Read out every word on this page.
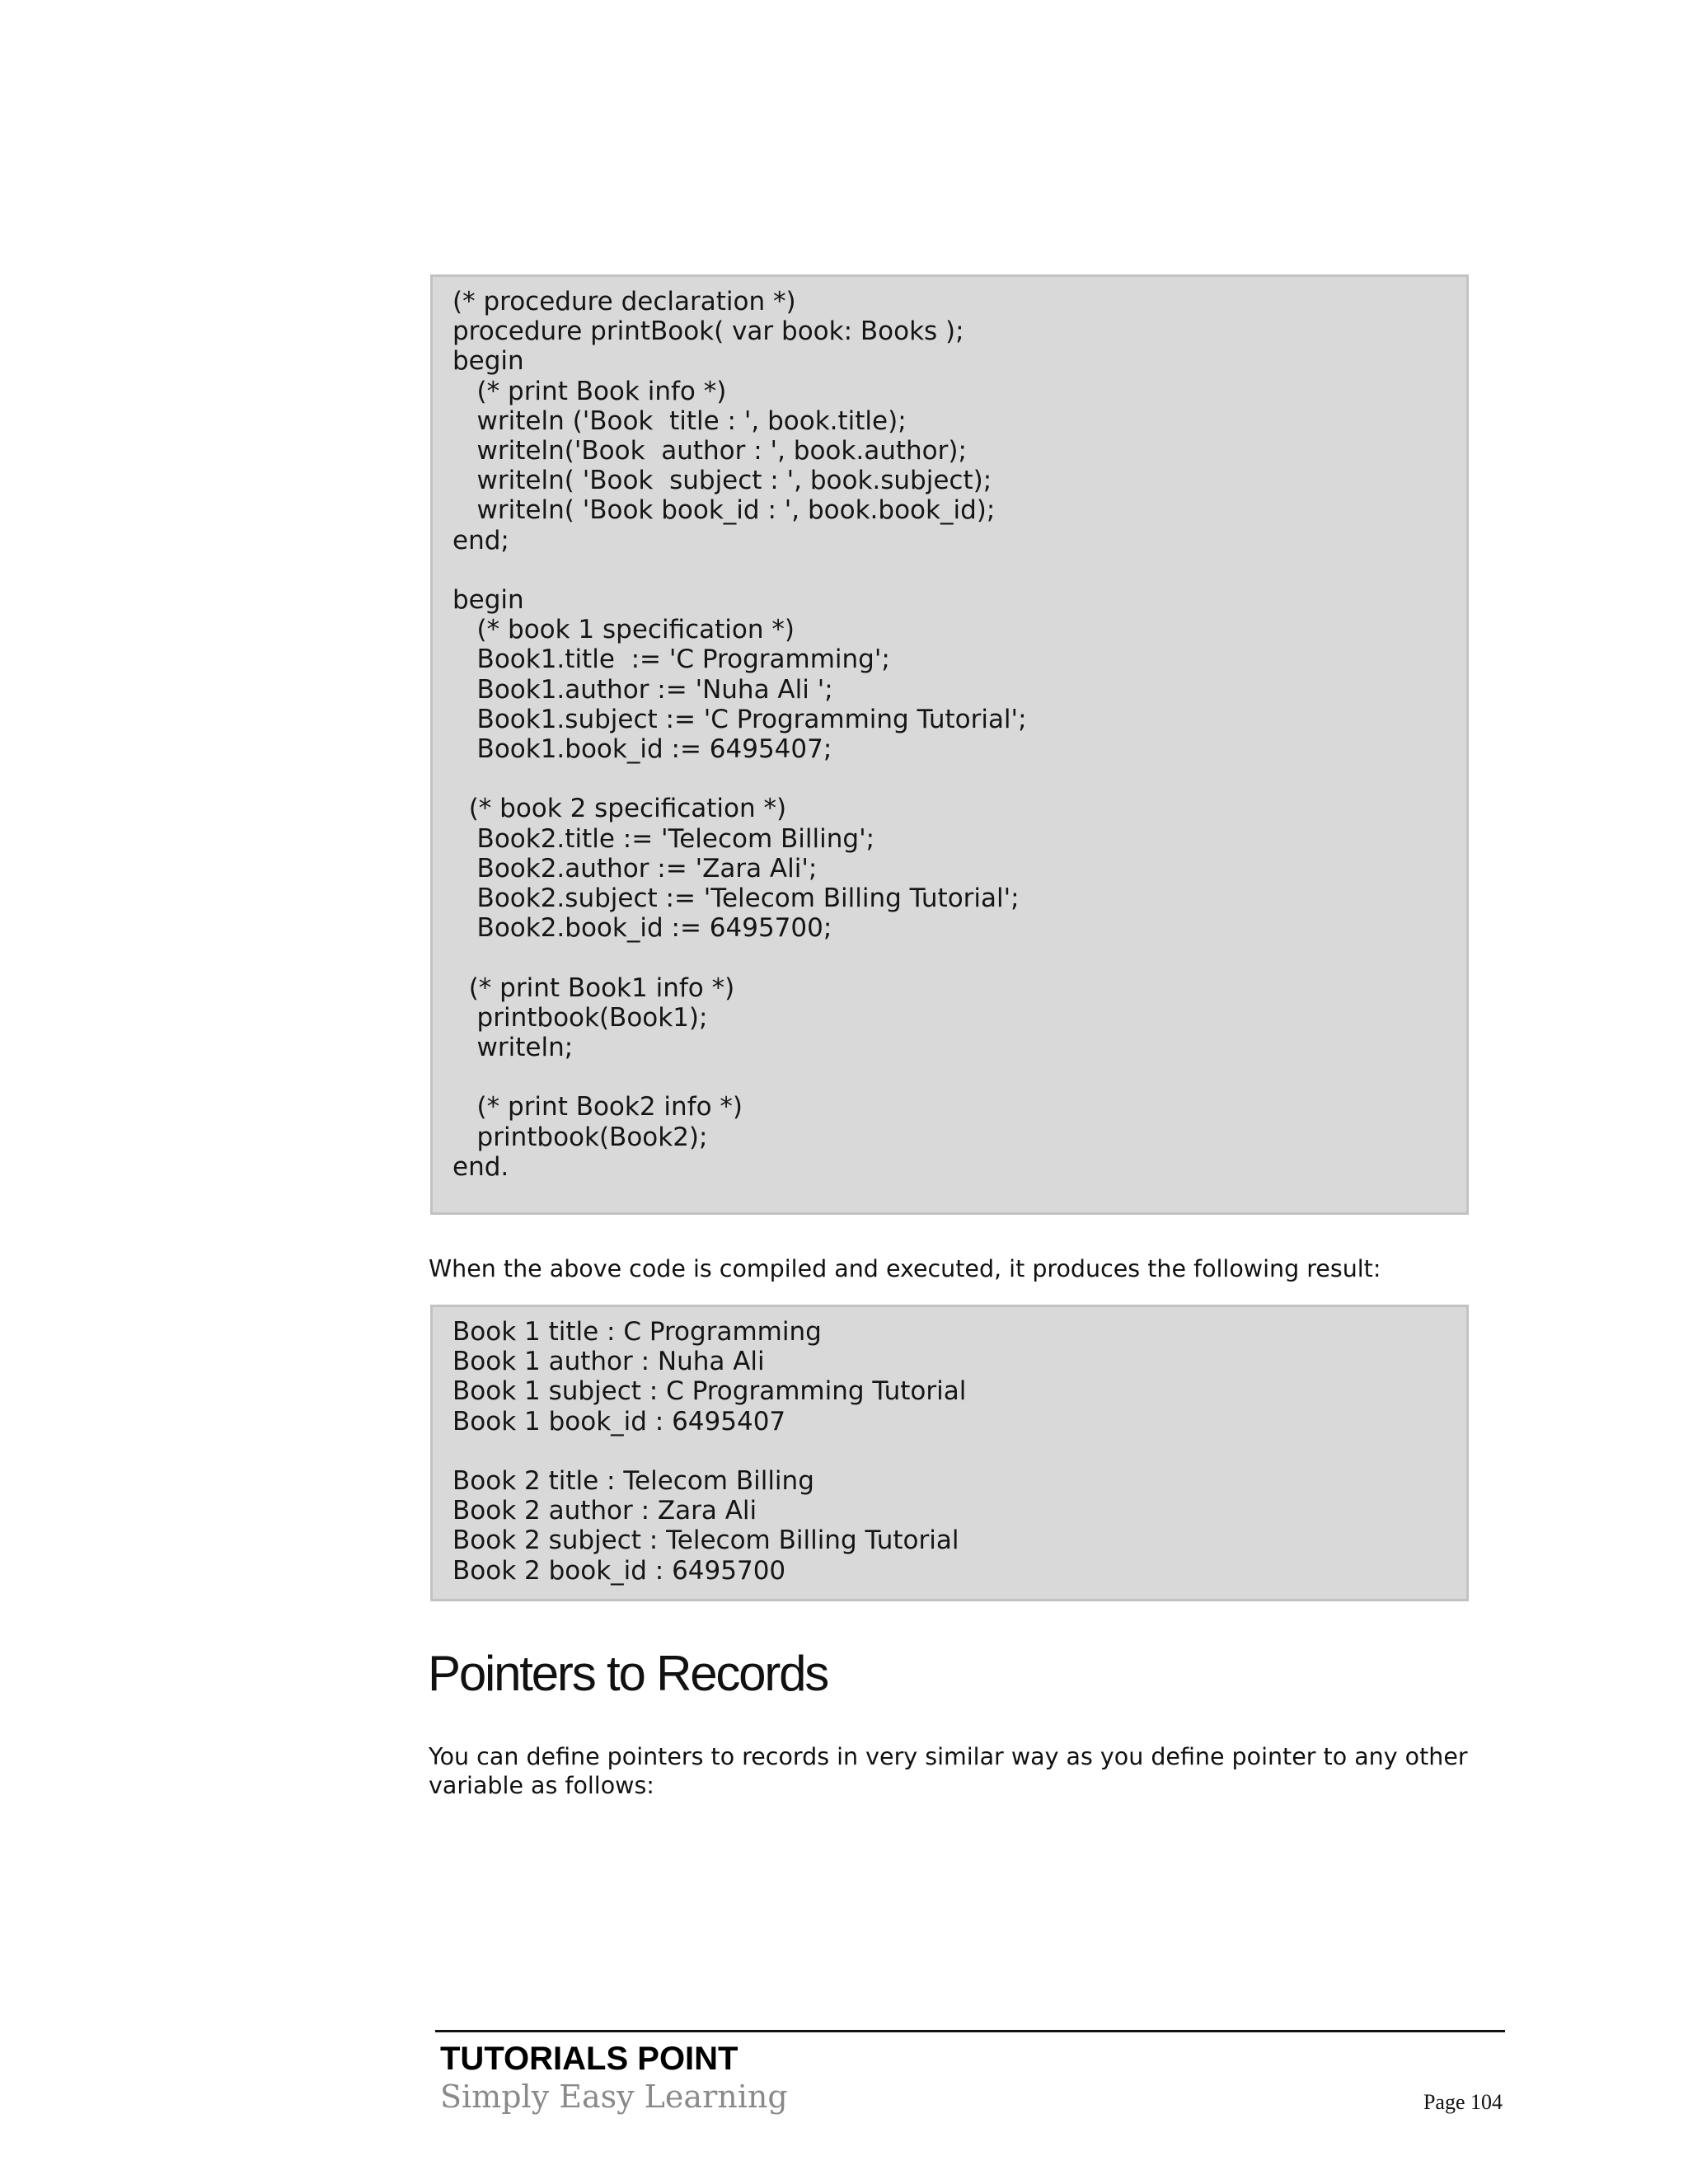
(* procedure declaration *)
procedure printBook( var book: Books );
begin
(* print Book info *)
writeln ('Book  title : ', book.title);
writeln('Book  author : ', book.author);
writeln( 'Book  subject : ', book.subject);
writeln( 'Book book_id : ', book.book_id);
end;

begin
(* book 1 specification *)
Book1.title  := 'C Programming';
Book1.author := 'Nuha Ali ';
Book1.subject := 'C Programming Tutorial';
Book1.book_id := 6495407;

(* book 2 specification *)
Book2.title := 'Telecom Billing';
Book2.author := 'Zara Ali';
Book2.subject := 'Telecom Billing Tutorial';
Book2.book_id := 6495700;

(* print Book1 info *)
printbook(Book1);
writeln;

(* print Book2 info *)
printbook(Book2);
end.

When the above code is compiled and executed, it produces the following result:

Book 1 title : C Programming
Book 1 author : Nuha Ali
Book 1 subject : C Programming Tutorial
Book 1 book_id : 6495407

Book 2 title : Telecom Billing
Book 2 author : Zara Ali
Book 2 subject : Telecom Billing Tutorial
Book 2 book_id : 6495700
Pointers to Records

You can define pointers to records in very similar way as you define pointer to any other variable as follows:

TUTORIALS POINT
Simply Easy Learning	Page 104
